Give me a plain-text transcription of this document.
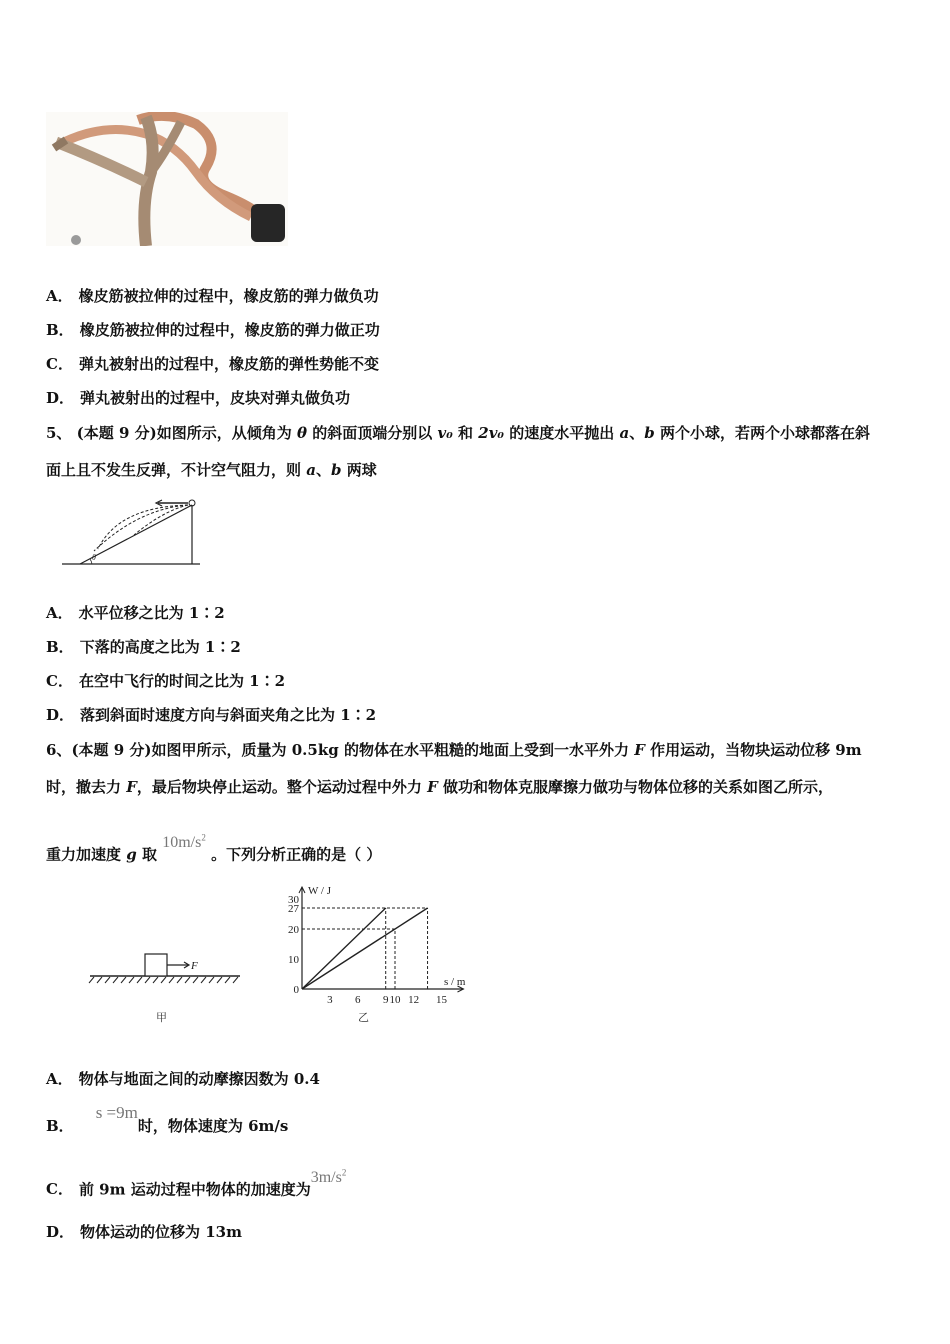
A． 橡皮筋被拉伸的过程中，橡皮筋的弹力做负功
B． 橡皮筋被拉伸的过程中，橡皮筋的弹力做正功
C． 弹丸被射出的过程中，橡皮筋的弹性势能不变
D． 弹丸被射出的过程中，皮块对弹丸做负功
5、 (本题 9 分)如图所示，从倾角为 θ 的斜面顶端分别以 v₀ 和 2v₀ 的速度水平抛出 a、b 两个小球，若两个小球都落在斜
面上且不发生反弹，不计空气阻力，则 a、b 两球
θ
A． 水平位移之比为 1∶2
B． 下落的高度之比为 1∶2
C． 在空中飞行的时间之比为 1∶2
D． 落到斜面时速度方向与斜面夹角之比为 1∶2
6、(本题 9 分)如图甲所示，质量为 0.5kg 的物体在水平粗糙的地面上受到一水平外力 F 作用运动，当物块运动位移 9m
时，撤去力 F，最后物块停止运动。整个运动过程中外力 F 做功和物体克服摩擦力做功与物体位移的关系如图乙所示，
重力加速度 g 取 $10m/s^2$ 。下列分析正确的是（ ）
F
甲
3 6 9 10 12 15
0
10
20
27
30
W / J
s / m
乙
A． 物体与地面之间的动摩擦因数为 0.4
B．s =9m时，物体速度为 6m/s
C． 前 9m 运动过程中物体的加速度为$3m/s^2$
D． 物体运动的位移为 13m
